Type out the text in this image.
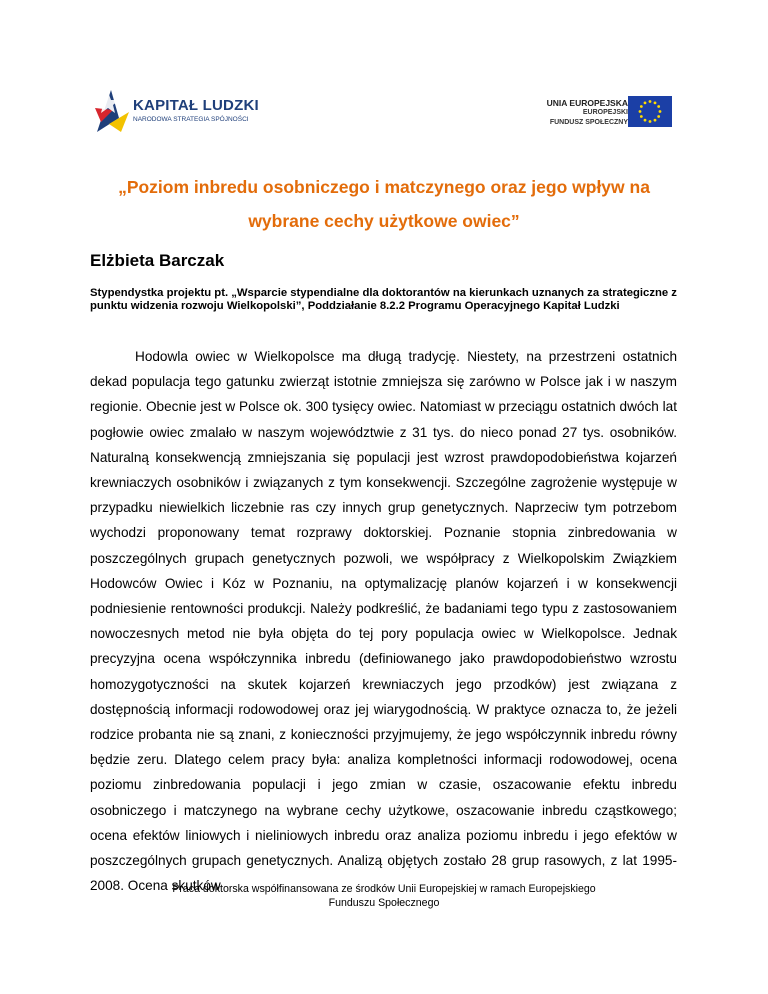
KAPITAŁ LUDZKI
NARODOWA STRATEGIA SPÓJNOŚCI
UNIA EUROPEJSKA
EUROPEJSKI
FUNDUSZ SPOŁECZNY
„Poziom inbredu osobniczego i matczynego oraz jego wpływ na
wybrane cechy użytkowe owiec”
Elżbieta Barczak
Stypendystka projektu pt. „Wsparcie stypendialne dla doktorantów na kierunkach uznanych za strategiczne z punktu widzenia rozwoju Wielkopolski”, Poddziałanie 8.2.2 Programu Operacyjnego Kapitał Ludzki

Hodowla owiec w Wielkopolsce ma długą tradycję. Niestety, na przestrzeni ostatnich dekad populacja tego gatunku zwierząt istotnie zmniejsza się zarówno w Polsce jak i w naszym regionie. Obecnie jest w Polsce ok. 300 tysięcy owiec. Natomiast w przeciągu ostatnich dwóch lat pogłowie owiec zmalało w naszym województwie z 31 tys. do nieco ponad 27 tys. osobników. Naturalną konsekwencją zmniejszania się populacji jest wzrost prawdopodobieństwa kojarzeń krewniaczych osobników i związanych z tym konsekwencji. Szczególne zagrożenie występuje w przypadku niewielkich liczebnie ras czy innych grup genetycznych. Naprzeciw tym potrzebom wychodzi proponowany temat rozprawy doktorskiej. Poznanie stopnia zinbredowania w poszczególnych grupach genetycznych pozwoli, we współpracy z Wielkopolskim Związkiem Hodowców Owiec i Kóz w Poznaniu, na optymalizację planów kojarzeń i w konsekwencji podniesienie rentowności produkcji. Należy podkreślić, że badaniami tego typu z zastosowaniem nowoczesnych metod nie była objęta do tej pory populacja owiec w Wielkopolsce. Jednak precyzyjna ocena współczynnika inbredu (definiowanego jako prawdopodobieństwo wzrostu homozygotyczności na skutek kojarzeń krewniaczych jego przodków) jest związana z dostępnością informacji rodowodowej oraz jej wiarygodnością. W praktyce oznacza to, że jeżeli rodzice probanta nie są znani, z konieczności przyjmujemy, że jego współczynnik inbredu równy będzie zeru. Dlatego celem pracy była: analiza kompletności informacji rodowodowej, ocena poziomu zinbredowania populacji i jego zmian w czasie, oszacowanie efektu inbredu osobniczego i matczynego na wybrane cechy użytkowe, oszacowanie inbredu cząstkowego; ocena efektów liniowych i nieliniowych inbredu oraz analiza poziomu inbredu i jego efektów w poszczególnych grupach genetycznych. Analizą objętych zostało 28 grup rasowych, z lat 1995-2008. Ocena skutków

Praca doktorska współfinansowana ze środków Unii Europejskiej w ramach Europejskiego
Funduszu Społecznego
